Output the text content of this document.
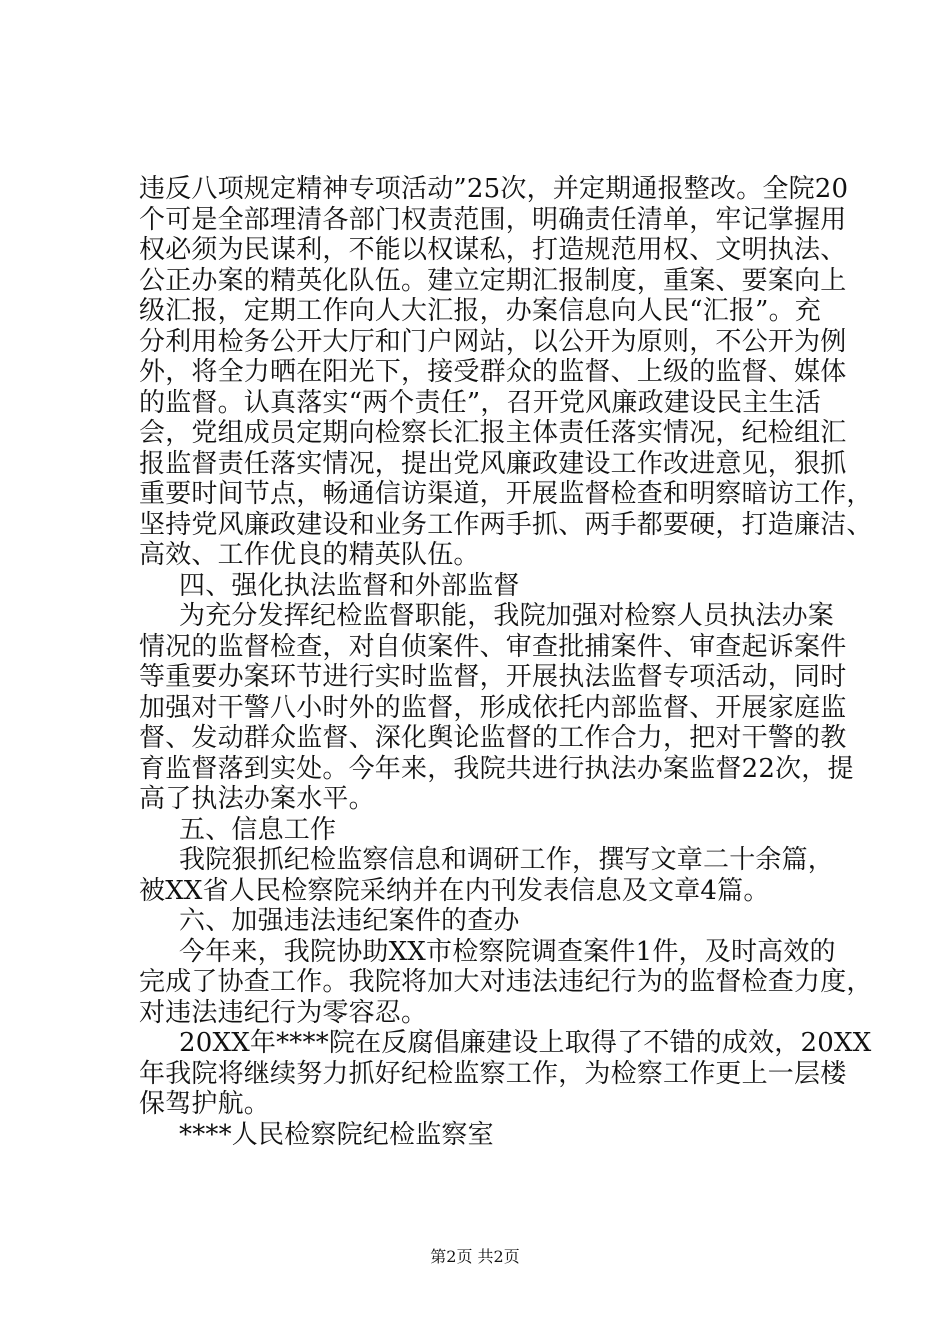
违反八项规定精神专项活动”25次，并定期通报整改。全院20
个可是全部理清各部门权责范围，明确责任清单，牢记掌握用
权必须为民谋利，不能以权谋私，打造规范用权、文明执法、
公正办案的精英化队伍。建立定期汇报制度，重案、要案向上
级汇报，定期工作向人大汇报，办案信息向人民“汇报”。充
分利用检务公开大厅和门户网站，以公开为原则，不公开为例
外，将全力晒在阳光下，接受群众的监督、上级的监督、媒体
的监督。认真落实“两个责任”，召开党风廉政建设民主生活
会，党组成员定期向检察长汇报主体责任落实情况，纪检组汇
报监督责任落实情况，提出党风廉政建设工作改进意见，狠抓
重要时间节点，畅通信访渠道，开展监督检查和明察暗访工作，
坚持党风廉政建设和业务工作两手抓、两手都要硬，打造廉洁、
高效、工作优良的精英队伍。
四、强化执法监督和外部监督
为充分发挥纪检监督职能，我院加强对检察人员执法办案
情况的监督检查，对自侦案件、审查批捕案件、审查起诉案件
等重要办案环节进行实时监督，开展执法监督专项活动，同时
加强对干警八小时外的监督，形成依托内部监督、开展家庭监
督、发动群众监督、深化舆论监督的工作合力，把对干警的教
育监督落到实处。今年来，我院共进行执法办案监督22次，提
高了执法办案水平。
五、信息工作
我院狠抓纪检监察信息和调研工作，撰写文章二十余篇，
被XX省人民检察院采纳并在内刊发表信息及文章4篇。
六、加强违法违纪案件的查办
今年来，我院协助XX市检察院调查案件1件，及时高效的
完成了协查工作。我院将加大对违法违纪行为的监督检查力度，
对违法违纪行为零容忍。
20XX年****院在反腐倡廉建设上取得了不错的成效，20XX
年我院将继续努力抓好纪检监察工作，为检察工作更上一层楼
保驾护航。
****人民检察院纪检监察室
第2页 共2页
